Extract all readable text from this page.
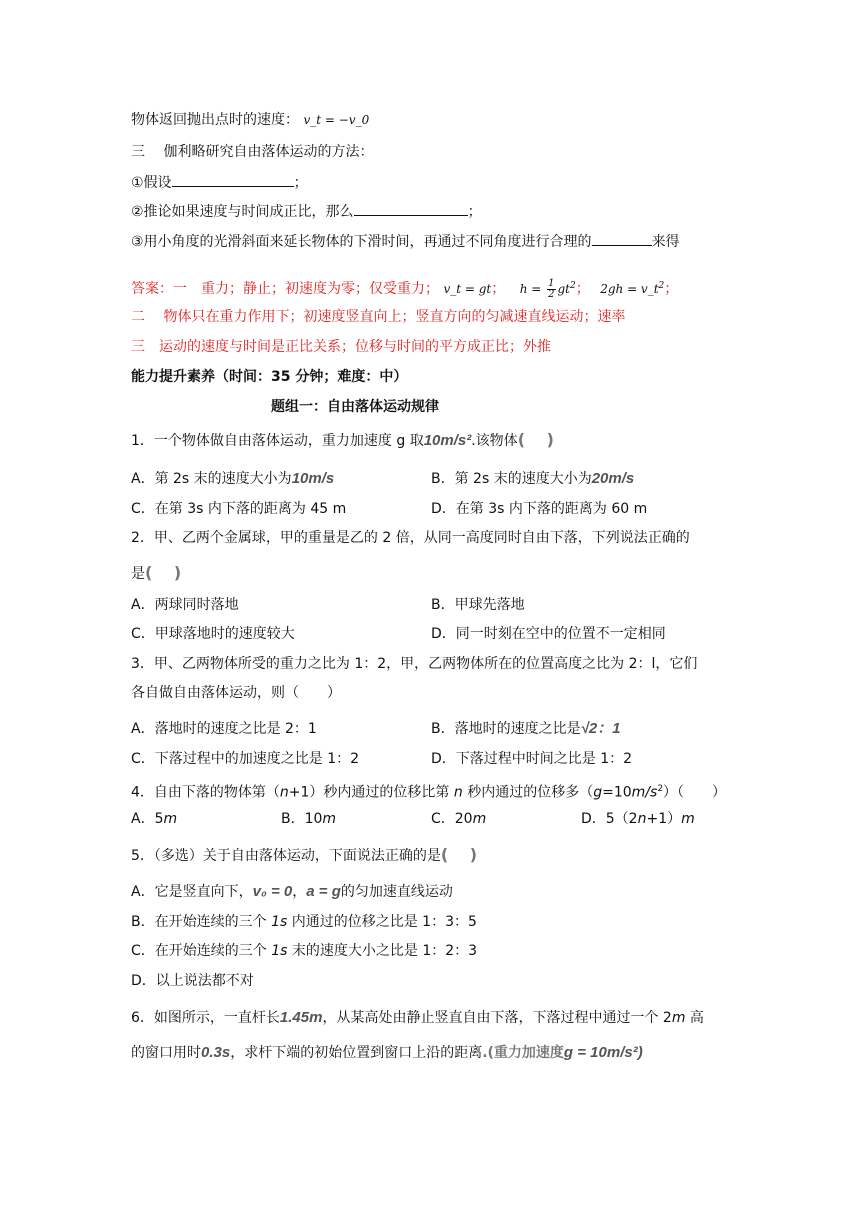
物体返回抛出点时的速度： v_t = −v_0
三　 伽利略研究自由落体运动的方法：
①假设	；
②推论如果速度与时间成正比，那么	；
③用小角度的光滑斜面来延长物体的下滑时间，再通过不同角度进行合理的	来得
答案：一　重力；静止；初速度为零；仅受重力； v_t = gt； $h = \frac{1}{2} gt^2$； $2gh = v\_t^2$；
二　 物体只在重力作用下；初速度竖直向上；竖直方向的匀减速直线运动；速率
三　运动的速度与时间是正比关系；位移与时间的平方成正比；外推
能力提升素养（时间：35 分钟；难度：中）
题组一：自由落体运动规律
1．一个物体做自由落体运动，重力加速度 g 取10m/s².该物体(　 )
A．第 2s 末的速度大小为10m/s	B．第 2s 末的速度大小为20m/s
C．在第 3s 内下落的距离为 45 m	D．在第 3s 内下落的距离为 60 m
2．甲、乙两个金属球，甲的重量是乙的 2 倍，从同一高度同时自由下落，下列说法正确的
是(　 )
A．两球同时落地	B．甲球先落地
C．甲球落地时的速度较大	D．同一时刻在空中的位置不一定相同
3．甲、乙两物体所受的重力之比为 1：2，甲，乙两物体所在的位置高度之比为 2：l，它们
各自做自由落体运动，则（　　）
A．落地时的速度之比是 2：1	B．落地时的速度之比是√2：1
C．下落过程中的加速度之比是 1：2	D．下落过程中时间之比是 1：2
4．自由下落的物体第（n+1）秒内通过的位移比第 n 秒内通过的位移多$(g=10m/s^2)$（　　）
A．5m	B．10m	C．20m	D．5（2n+1）m
5．（多选）关于自由落体运动，下面说法正确的是(　 )
A．它是竖直向下，v₀ = 0，a = g的匀加速直线运动
B．在开始连续的三个 1s 内通过的位移之比是 1：3：5
C．在开始连续的三个 1s 末的速度大小之比是 1：2：3
D．以上说法都不对
6．如图所示，一直杆长1.45m，从某高处由静止竖直自由下落，下落过程中通过一个 2m 高
的窗口用时0.3s，求杆下端的初始位置到窗口上沿的距离.(重力加速度g = 10m/s²)
